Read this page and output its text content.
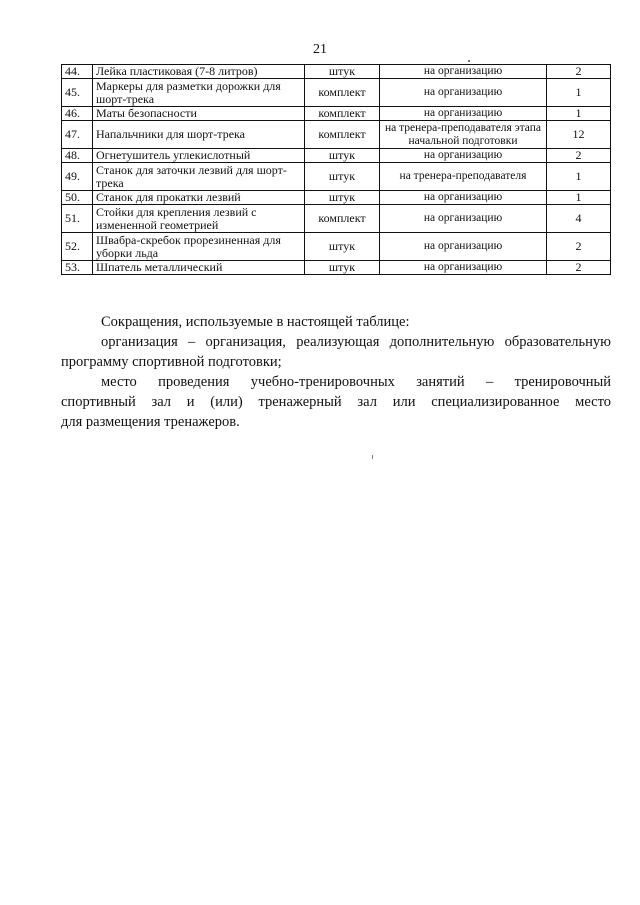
21
44.	Лейка пластиковая (7-8 литров)	штук	на организацию	2
45.	Маркеры для разметки дорожки для шорт-трека	комплект	на организацию	1
46.	Маты безопасности	комплект	на организацию	1
47.	Напальчники для шорт-трека	комплект	на тренера-преподавателя этапа начальной подготовки	12
48.	Огнетушитель углекислотный	штук	на организацию	2
49.	Станок для заточки лезвий для шорт-трека	штук	на тренера-преподавателя	1
50.	Станок для прокатки лезвий	штук	на организацию	1
51.	Стойки для крепления лезвий с измененной геометрией	комплект	на организацию	4
52.	Швабра-скребок прорезиненная для уборки льда	штук	на организацию	2
53.	Шпатель металлический	штук	на организацию	2

Сокращения, используемые в настоящей таблице:

организация – организация, реализующая дополнительную образовательную

программу спортивной подготовки;

место проведения учебно-тренировочных занятий – тренировочный

спортивный зал и (или) тренажерный зал или специализированное место

для размещения тренажеров.
